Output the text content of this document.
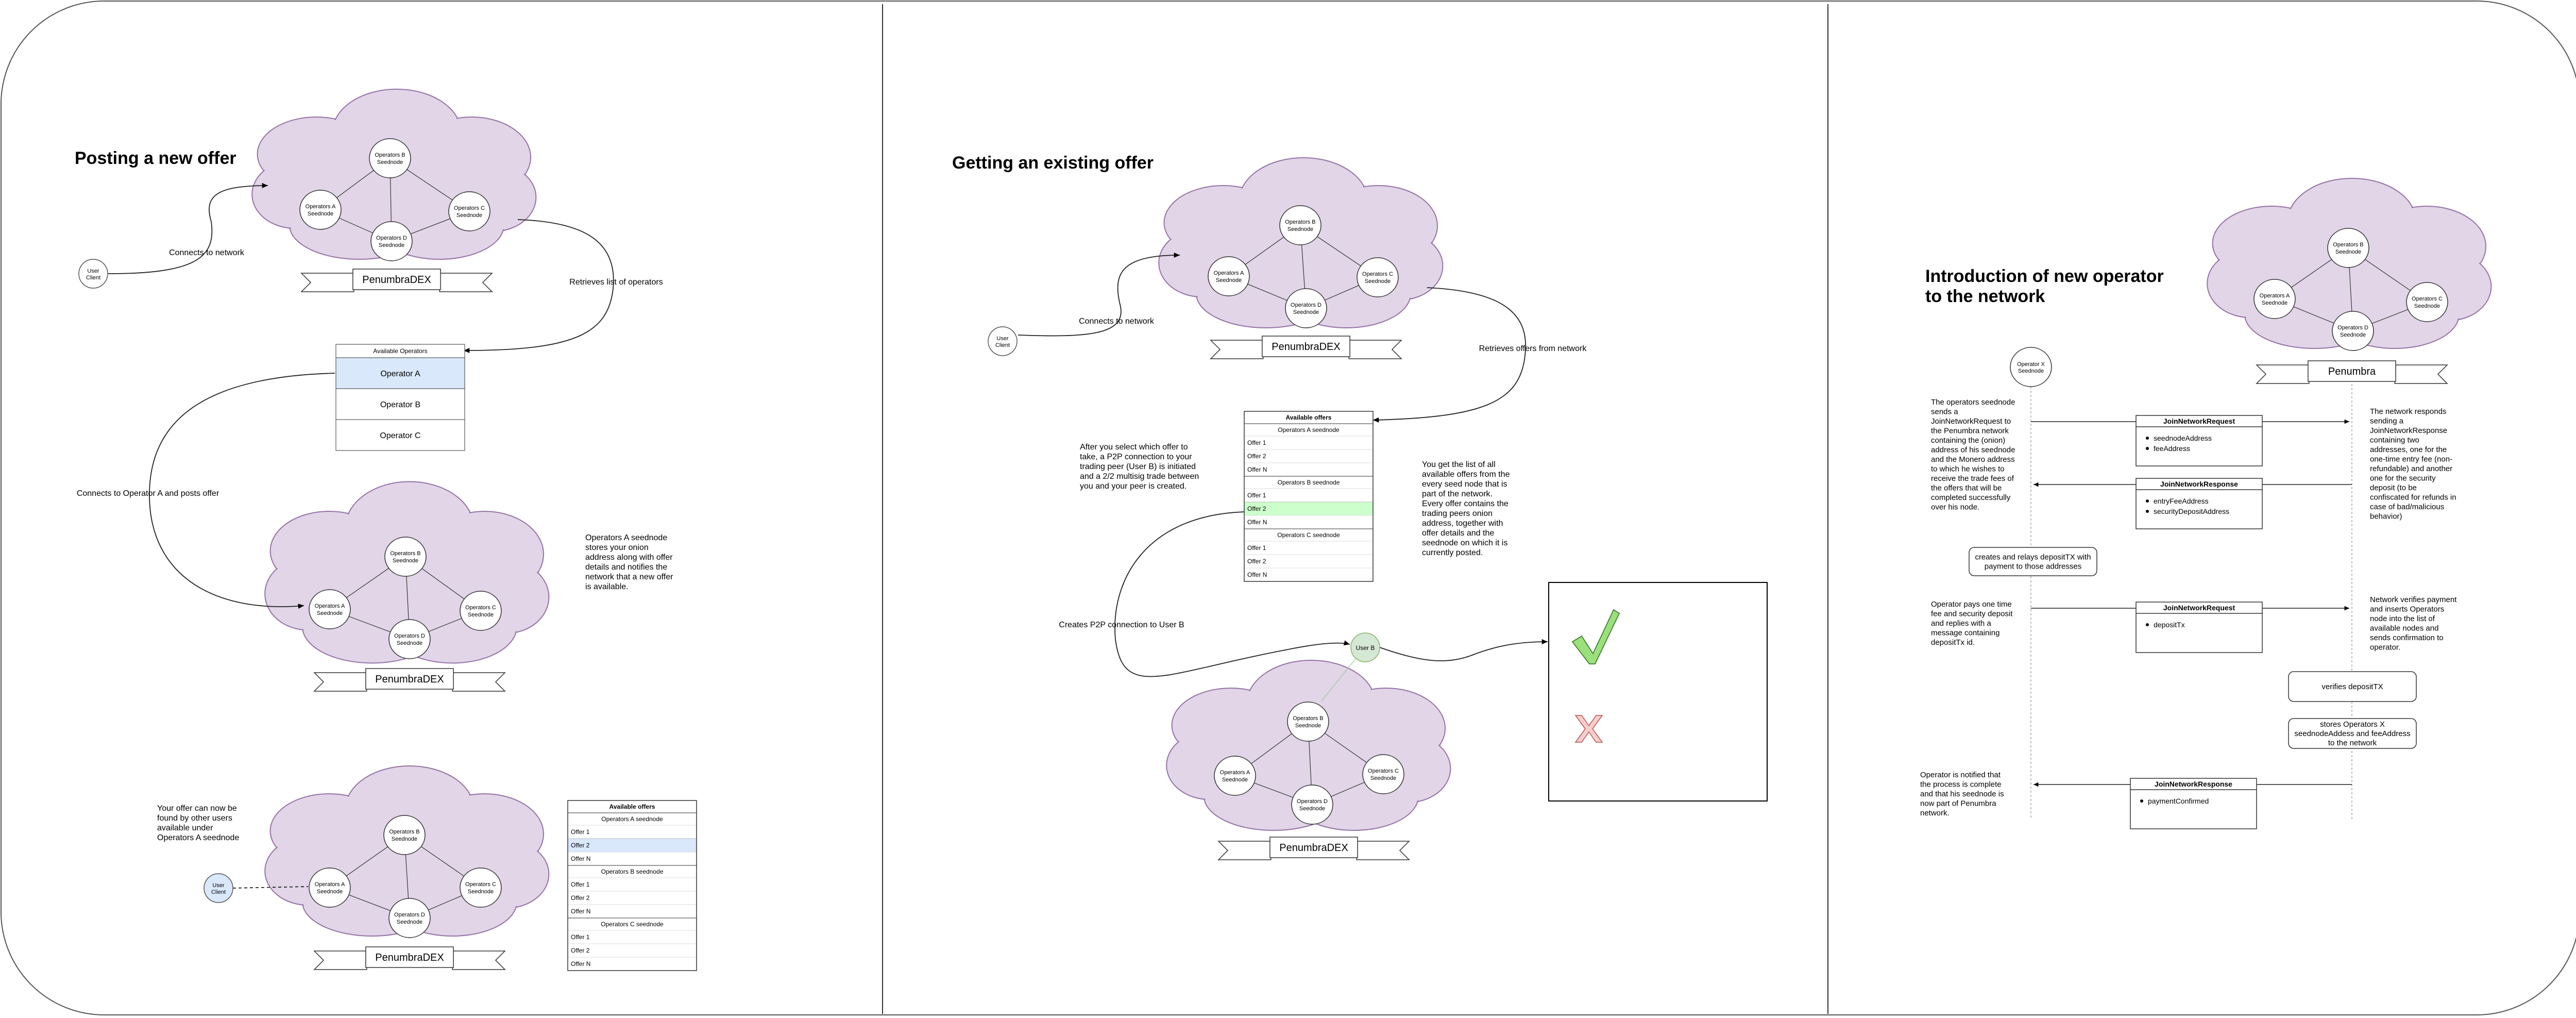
Operators A
Seednode
Operators B
Seednode
Operators C
Seednode
Operators D
Seednode
User
Client
Operators A
Seednode
Operators B
Seednode
Operators C
Seednode
Operators D
Seednode
Operators A
Seednode
Operators B
Seednode
Operators C
Seednode
Operators D
Seednode
User
Client
Operators A
Seednode
Operators B
Seednode
Operators C
Seednode
Operators D
Seednode
User
Client
Operators A
Seednode
Operators B
Seednode
Operators C
Seednode
Operators D
Seednode
User B
Operators A
Seednode
Operators B
Seednode
Operators C
Seednode
Operators D
Seednode
PenumbraDEX
PenumbraDEX
Operators A seednode
stores your onion
address along with offer
details and notifies the
network that a new offer
is available.
PenumbraDEX
Your offer can now be
found by other users
available under
Operators A seednode
PenumbraDEX
After you select which offer to
take, a P2P connection to your
trading peer (User B) is initiated
and a 2/2 multisig trade between
you and your peer is created.
You get the list of all
available offers from the
every seed node that is
part of the network.
Every offer contains the
trading peers onion
address, together with
offer details and the
seednode on which it is
currently posted.
PenumbraDEX
Penumbra
The operators seednode
sends a
JoinNetworkRequest to
the Penumbra network
containing the (onion)
address of his seednode
and the Monero address
to which he wishes to
receive the trade fees of
the offers that will be
completed successfully
over his node.
The network responds
sending a
JoinNetworkResponse
containing two
addresses, one for the
one-time entry fee (non-
refundable) and another
one for the security
deposit (to be
confiscated for refunds in
case of bad/malicious
behavior)
Operator pays one time
fee and security deposit
and replies with a
message containing
depositTx id.
Network verifies payment
and inserts Operators
node into the list of
available nodes and
sends confirmation to
operator.
Operator is notified that
the process is complete
and that his seednode is
now part of Penumbra
network.
Available Operators
Operator A
Operator B
Operator C
Available offers
Operators A seednode
Offer 1
Offer 2
Offer N
Operators B seednode
Offer 1
Offer 2
Offer N
Operators C seednode
Offer 1
Offer 2
Offer N
Available offers
Operators A seednode
Offer 1
Offer 2
Offer N
Operators B seednode
Offer 1
Offer 2
Offer N
Operators C seednode
Offer 1
Offer 2
Offer N
Operator X
Seednode
JoinNetworkRequest
seednodeAddress
feeAddress
JoinNetworkResponse
entryFeeAddress
securityDepositAddress
creates and relays depositTX with
payment to those addresses
JoinNetworkRequest
depositTx
verifies depositTX
stores Operators X
seednodeAddess and feeAddress
to the network
JoinNetworkResponse
paymentConfirmed
Posting a new offer	Getting an existing offer
Introduction of new operator
to the network
Connects to network
Retrieves list of operators
Connects to Operator A and posts offer
Connects to network
Retrieves offers from network
Creates P2P connection to User B
